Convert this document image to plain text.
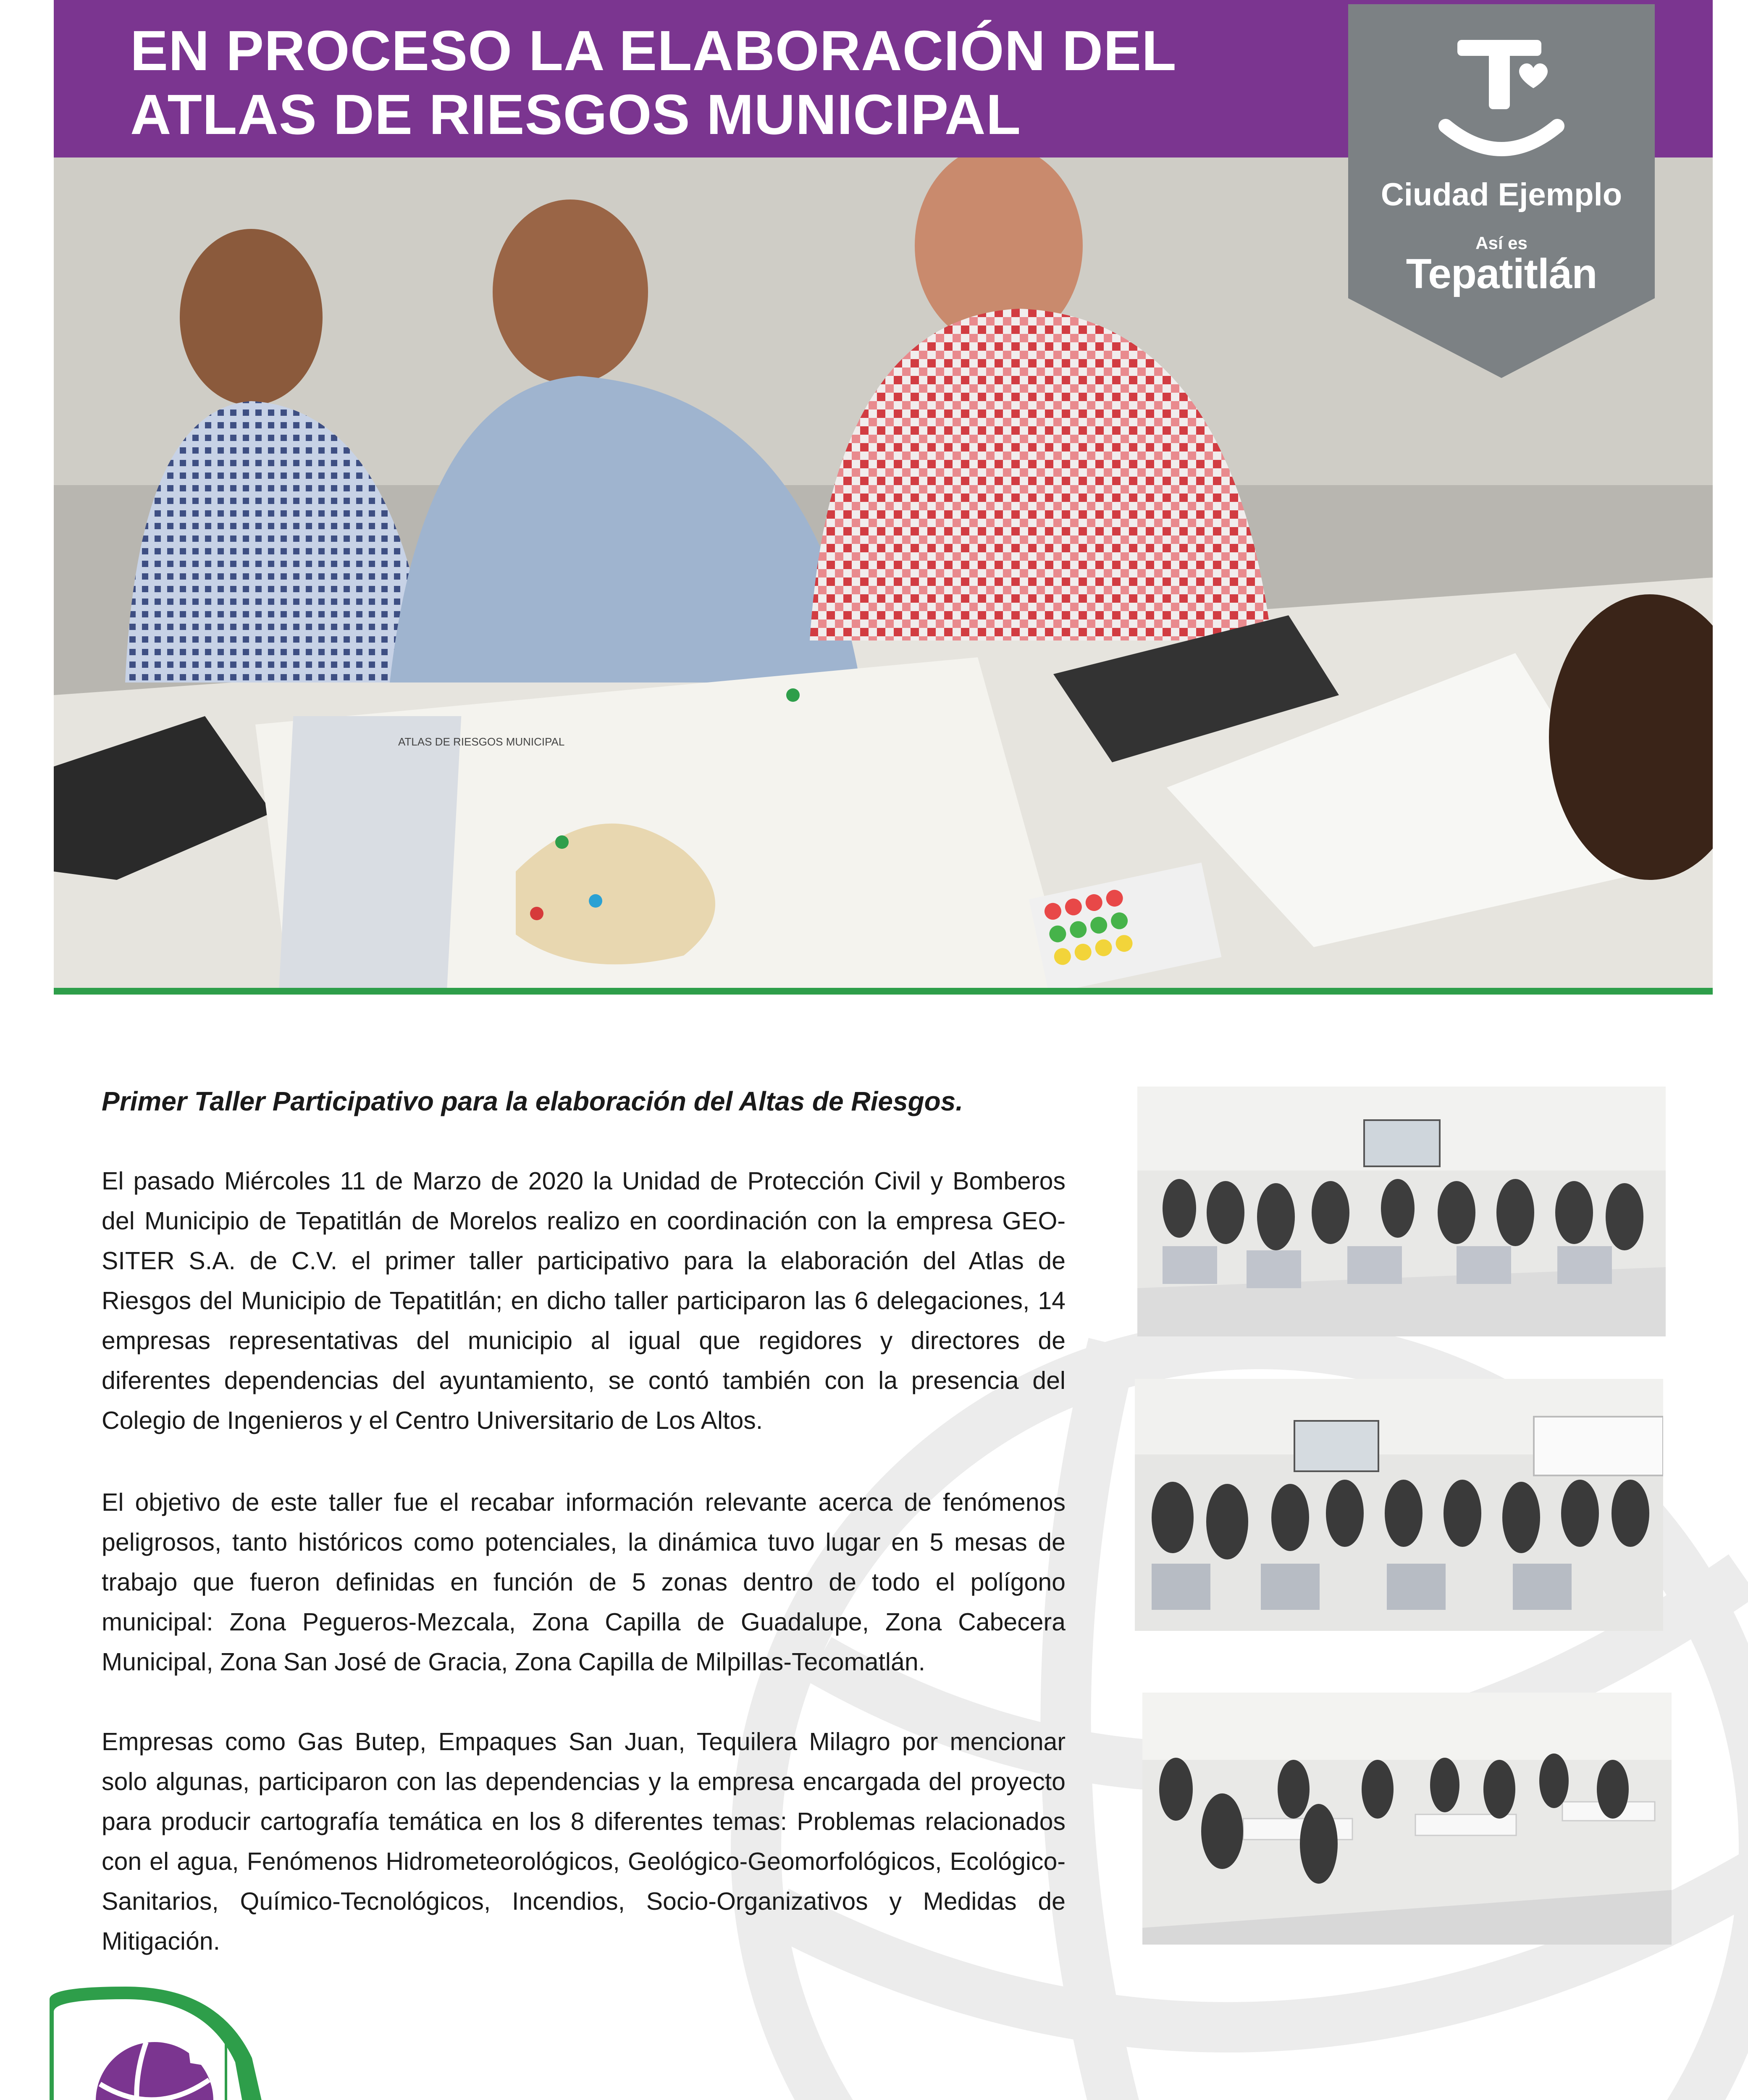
EN PROCESO LA ELABORACIÓN DEL
ATLAS DE RIESGOS MUNICIPAL
ATLAS DE RIESGOS MUNICIPAL
Ciudad Ejemplo
Así es
Tepatitlán
Primer Taller Participativo para la elaboración del Altas de Riesgos.

El pasado Miércoles 11 de Marzo de 2020 la Unidad de Protección Civil y Bomberos del Municipio de Tepatitlán de Morelos realizo en coordinación con la empresa GEO-SITER S.A. de C.V. el primer taller participativo para la elaboración del Atlas de Riesgos del Municipio de Tepatitlán; en dicho taller participaron las 6 delegaciones, 14 empresas representativas del municipio al igual que regidores y directores de diferentes dependencias del ayuntamiento, se contó también con la presencia del Colegio de Ingenieros y el Centro Universitario de Los Altos.

El objetivo de este taller fue el recabar información relevante acerca de fenómenos peligrosos, tanto históricos como potenciales, la dinámica tuvo lugar en 5 mesas de trabajo que fueron definidas en función de 5 zonas dentro de todo el polígono municipal: Zona Pegueros-Mezcala, Zona Capilla de Guadalupe, Zona Cabecera Municipal, Zona San José de Gracia, Zona Capilla de Milpillas-Tecomatlán.

Empresas como Gas Butep, Empaques San Juan, Tequilera Milagro por mencionar solo algunas, participaron con las dependencias y la empresa encargada del proyecto para producir cartografía temática en los 8 diferentes temas: Problemas relacionados con el agua, Fenómenos Hidrometeorológicos, Geológico-Geomorfológicos, Ecológico-Sanitarios, Químico-Tecnológicos, Incendios, Socio-Organizativos y Medidas de Mitigación.
